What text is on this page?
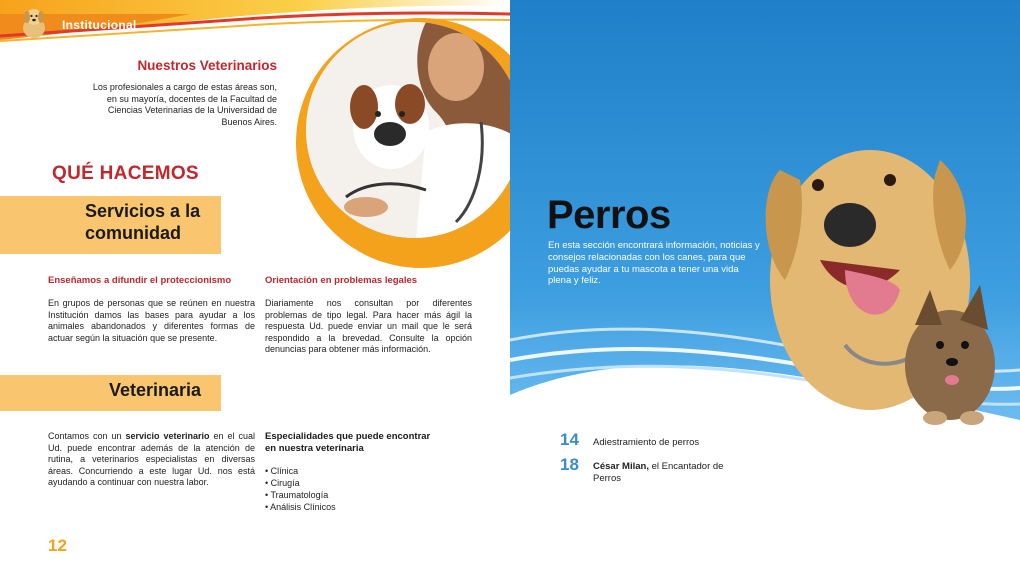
Institucional
Nuestros Veterinarios
Los profesionales a cargo de estas áreas son, en su mayoría, docentes de la Facultad de Ciencias Veterinarias de la Universidad de Buenos Aires.
QUÉ HACEMOS
Servicios a la
comunidad
Enseñamos a difundir el proteccionismo
En grupos de personas que se reúnen en nuestra Institución damos las bases para ayudar a los animales abandonados y diferentes formas de actuar según la situación que se presente.
Orientación en problemas legales
Diariamente nos consultan por diferentes problemas de tipo legal. Para hacer más ágil la respuesta Ud. puede enviar un mail que le será respondido a la brevedad. Consulte la opción denuncias para obtener más información.
Veterinaria
Contamos con un servicio veterinario en el cual Ud. puede encontrar además de la atención de rutina, a veterinarios especialistas en diversas áreas. Concurriendo a este lugar Ud. nos está ayudando a continuar con nuestra labor.
Especialidades que puede encontrar en nuestra veterinaria
• Clínica
• Cirugía
• Traumatología
• Análisis Clínicos
12
Perros
En esta sección encontrará información, noticias y consejos relacionadas con los canes, para que puedas ayudar a tu mascota a tener una vida plena y feliz.
14 Adiestramiento de perros
18 César Milan, el Encantador de Perros
